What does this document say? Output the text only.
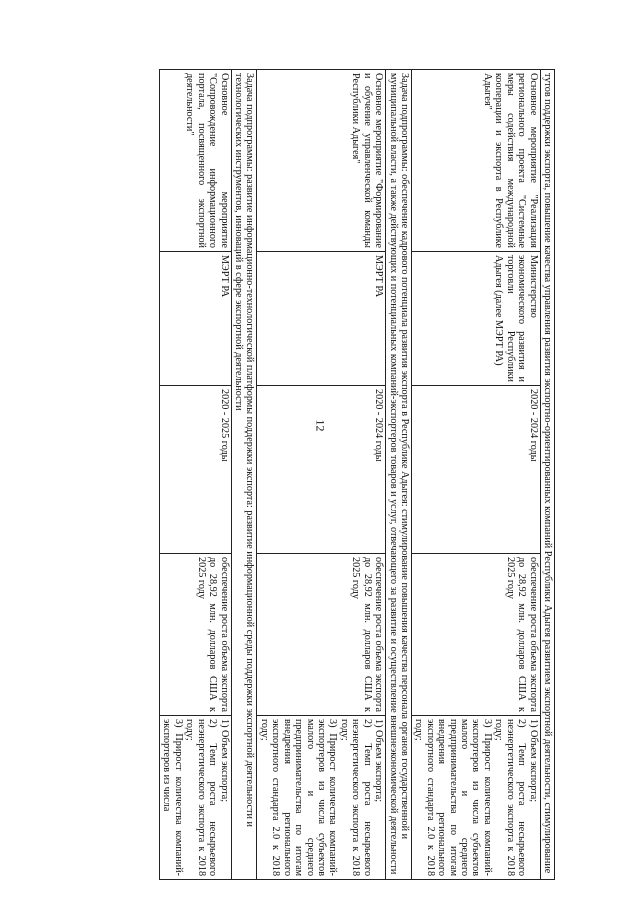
12	тутов поддержки экспорта, повышение качества управления развития экспортно-ориентированных компаний Республики Адыгея развитием экспортной деятельности, стимулирование				
Основное мероприятие "Реализация регионального проекта "Системные меры содействия международной кооперации и экспорта в Республике Адыгея"	Министерство экономического развития и торговли Республики Адыгея (далее МЭРТ РА)	2020 - 2024 годы	обеспечение роста объема экспорта до 28,92 млн. долларов США к 2025 году	1) Объем экспорта;
2) Темп роста несырьевого неэнергетического экспорта к 2018 году;
3) Прирост количества компаний-экспортеров из числа субъектов малого и среднего предпринимательства по итогам внедрения регионального экспортного стандарта 2.0 к 2018 году;
Задача подпрограммы: обеспечение кадрового потенциала развития экспорта в Республике Адыгея: стимулирование повышения качества персонала органов государственной и муниципальной власти, а также действующих и потенциальных компаний-экспортеров товаров и услуг, отвечающего за развитие и осуществление внешнеэкономической деятельности				
Основное мероприятие "Формирование и обучение управленческой команды Республики Адыгея"	МЭРТ РА	2020 - 2024 годы	обеспечение роста объема экспорта до 28,92 млн. долларов США к 2025 году	1) Объем экспорта;
2) Темп роста несырьевого неэнергетического экспорта к 2018 году;
3) Прирост количества компаний-экспортеров из числа субъектов малого и среднего предпринимательства по итогам внедрения регионального экспортного стандарта 2.0 к 2018 году;
Задача подпрограммы: развитие информационно-технологической платформы поддержки экспорта: развитие информационной среды поддержки экспортной деятельности и технологических инструментов, инноваций в сфере экспортной деятельности				
Основное мероприятие "Сопровождение информационного портала, посвященного экспортной деятельности"	МЭРТ РА	2020 - 2025 годы	обеспечение роста объема экспорта до 28,92 млн. долларов США к 2025 году	1) Объем экспорта;
2) Темп роста несырьевого неэнергетического экспорта к 2018 году;
3) Прирост количества компаний-экспортеров из числа
